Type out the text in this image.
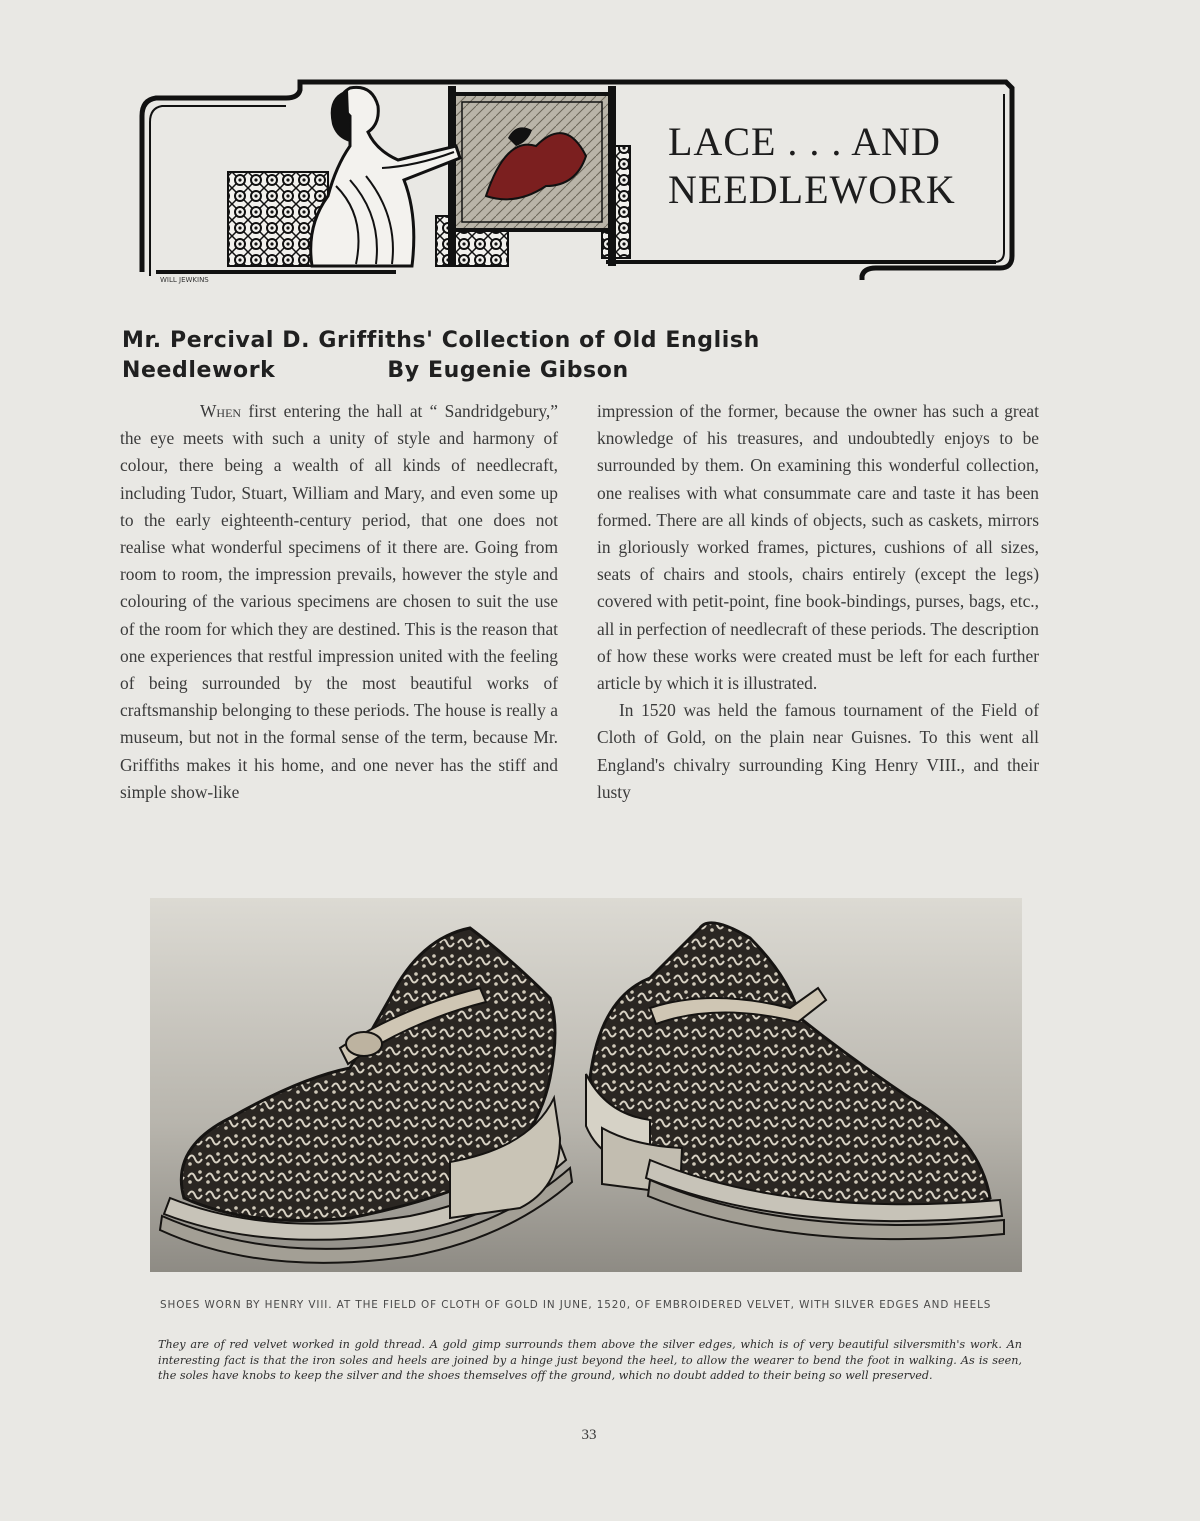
LACE . . . AND
NEEDLEWORK
WILL JEWKINS
Mr. Percival D. Griffiths' Collection of Old English
Needlework	By Eugenie Gibson

When first entering the hall at “ Sandridgebury,” the eye meets with such a unity of style and harmony of colour, there being a wealth of all kinds of needlecraft, including Tudor, Stuart, William and Mary, and even some up to the early eighteenth-century period, that one does not realise what wonderful specimens of it there are. Going from room to room, the impression prevails, however the style and colouring of the various specimens are chosen to suit the use of the room for which they are destined. This is the reason that one experiences that restful impression united with the feeling of being surrounded by the most beautiful works of craftsmanship belonging to these periods. The house is really a museum, but not in the formal sense of the term, because Mr. Griffiths makes it his home, and one never has the stiff and simple show-like

impression of the former, because the owner has such a great knowledge of his treasures, and undoubtedly enjoys to be surrounded by them. On examining this wonderful collection, one realises with what consummate care and taste it has been formed. There are all kinds of objects, such as caskets, mirrors in gloriously worked frames, pictures, cushions of all sizes, seats of chairs and stools, chairs entirely (except the legs) covered with petit-point, fine book-bindings, purses, bags, etc., all in perfection of needlecraft of these periods. The description of how these works were created must be left for each further article by which it is illustrated.

In 1520 was held the famous tournament of the Field of Cloth of Gold, on the plain near Guisnes. To this went all England's chivalry surrounding King Henry VIII., and their lusty

SHOES WORN BY HENRY VIII. AT THE FIELD OF CLOTH OF GOLD IN JUNE, 1520, OF EMBROIDERED VELVET, WITH SILVER EDGES AND HEELS
They are of red velvet worked in gold thread. A gold gimp surrounds them above the silver edges, which is of very beautiful silversmith's work. An interesting fact is that the iron soles and heels are joined by a hinge just beyond the heel, to allow the wearer to bend the foot in walking. As is seen, the soles have knobs to keep the silver and the shoes themselves off the ground, which no doubt added to their being so well preserved.
33
